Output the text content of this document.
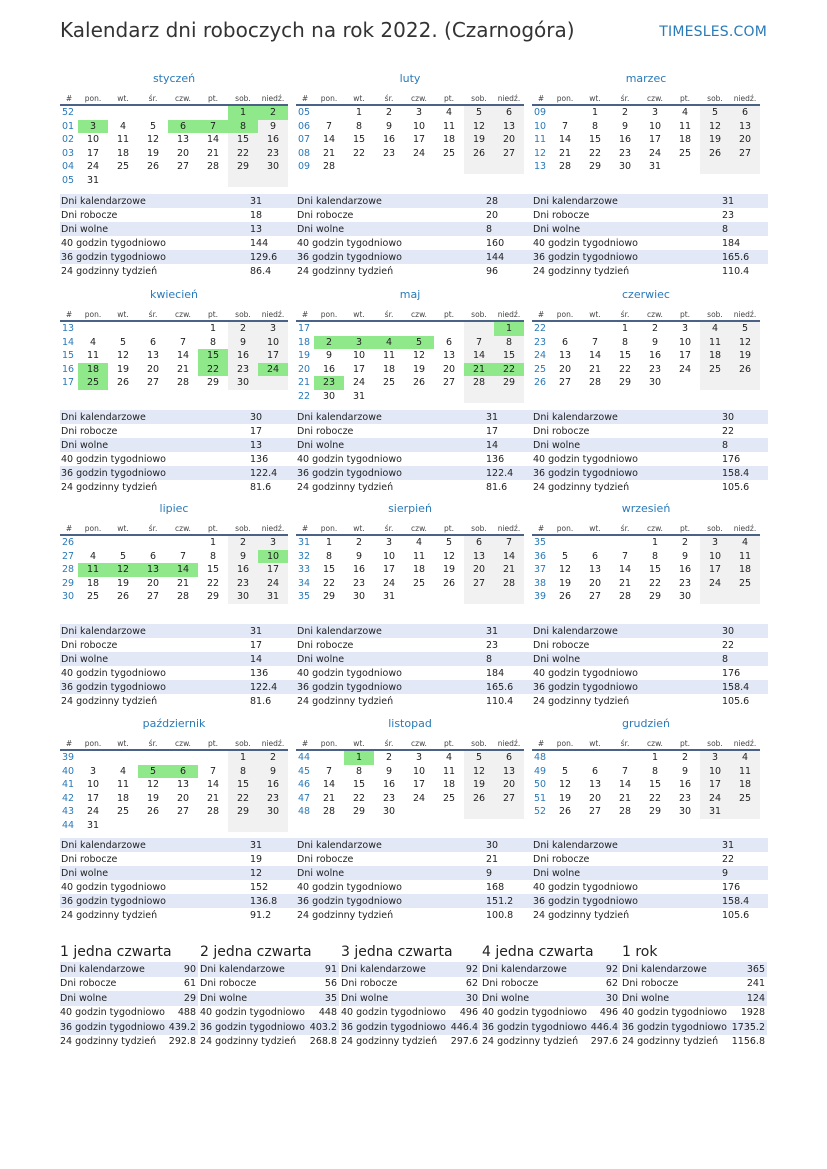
Kalendarz dni roboczych na rok 2022. (Czarnogóra)	TIMESLES.COM
styczeń
#	pon.	wt.	śr.	czw.	pt.	sob.	niedź.
52						1	2
01	3	4	5	6	7	8	9
02	10	11	12	13	14	15	16
03	17	18	19	20	21	22	23
04	24	25	26	27	28	29	30
05	31						
Dni kalendarzowe	31
Dni robocze	18
Dni wolne	13
40 godzin tygodniowo	144
36 godzin tygodniowo	129.6
24 godzinny tydzień	86.4
luty
#	pon.	wt.	śr.	czw.	pt.	sob.	niedź.
05		1	2	3	4	5	6
06	7	8	9	10	11	12	13
07	14	15	16	17	18	19	20
08	21	22	23	24	25	26	27
09	28						
Dni kalendarzowe	28
Dni robocze	20
Dni wolne	8
40 godzin tygodniowo	160
36 godzin tygodniowo	144
24 godzinny tydzień	96
marzec
#	pon.	wt.	śr.	czw.	pt.	sob.	niedź.
09		1	2	3	4	5	6
10	7	8	9	10	11	12	13
11	14	15	16	17	18	19	20
12	21	22	23	24	25	26	27
13	28	29	30	31			
Dni kalendarzowe	31
Dni robocze	23
Dni wolne	8
40 godzin tygodniowo	184
36 godzin tygodniowo	165.6
24 godzinny tydzień	110.4
kwiecień
#	pon.	wt.	śr.	czw.	pt.	sob.	niedź.
13					1	2	3
14	4	5	6	7	8	9	10
15	11	12	13	14	15	16	17
16	18	19	20	21	22	23	24
17	25	26	27	28	29	30	
Dni kalendarzowe	30
Dni robocze	17
Dni wolne	13
40 godzin tygodniowo	136
36 godzin tygodniowo	122.4
24 godzinny tydzień	81.6
maj
#	pon.	wt.	śr.	czw.	pt.	sob.	niedź.
17							1
18	2	3	4	5	6	7	8
19	9	10	11	12	13	14	15
20	16	17	18	19	20	21	22
21	23	24	25	26	27	28	29
22	30	31					
Dni kalendarzowe	31
Dni robocze	17
Dni wolne	14
40 godzin tygodniowo	136
36 godzin tygodniowo	122.4
24 godzinny tydzień	81.6
czerwiec
#	pon.	wt.	śr.	czw.	pt.	sob.	niedź.
22			1	2	3	4	5
23	6	7	8	9	10	11	12
24	13	14	15	16	17	18	19
25	20	21	22	23	24	25	26
26	27	28	29	30			
Dni kalendarzowe	30
Dni robocze	22
Dni wolne	8
40 godzin tygodniowo	176
36 godzin tygodniowo	158.4
24 godzinny tydzień	105.6
lipiec
#	pon.	wt.	śr.	czw.	pt.	sob.	niedź.
26					1	2	3
27	4	5	6	7	8	9	10
28	11	12	13	14	15	16	17
29	18	19	20	21	22	23	24
30	25	26	27	28	29	30	31
Dni kalendarzowe	31
Dni robocze	17
Dni wolne	14
40 godzin tygodniowo	136
36 godzin tygodniowo	122.4
24 godzinny tydzień	81.6
sierpień
#	pon.	wt.	śr.	czw.	pt.	sob.	niedź.
31	1	2	3	4	5	6	7
32	8	9	10	11	12	13	14
33	15	16	17	18	19	20	21
34	22	23	24	25	26	27	28
35	29	30	31				
Dni kalendarzowe	31
Dni robocze	23
Dni wolne	8
40 godzin tygodniowo	184
36 godzin tygodniowo	165.6
24 godzinny tydzień	110.4
wrzesień
#	pon.	wt.	śr.	czw.	pt.	sob.	niedź.
35				1	2	3	4
36	5	6	7	8	9	10	11
37	12	13	14	15	16	17	18
38	19	20	21	22	23	24	25
39	26	27	28	29	30		
Dni kalendarzowe	30
Dni robocze	22
Dni wolne	8
40 godzin tygodniowo	176
36 godzin tygodniowo	158.4
24 godzinny tydzień	105.6
październik
#	pon.	wt.	śr.	czw.	pt.	sob.	niedź.
39						1	2
40	3	4	5	6	7	8	9
41	10	11	12	13	14	15	16
42	17	18	19	20	21	22	23
43	24	25	26	27	28	29	30
44	31						
Dni kalendarzowe	31
Dni robocze	19
Dni wolne	12
40 godzin tygodniowo	152
36 godzin tygodniowo	136.8
24 godzinny tydzień	91.2
listopad
#	pon.	wt.	śr.	czw.	pt.	sob.	niedź.
44		1	2	3	4	5	6
45	7	8	9	10	11	12	13
46	14	15	16	17	18	19	20
47	21	22	23	24	25	26	27
48	28	29	30				
Dni kalendarzowe	30
Dni robocze	21
Dni wolne	9
40 godzin tygodniowo	168
36 godzin tygodniowo	151.2
24 godzinny tydzień	100.8
grudzień
#	pon.	wt.	śr.	czw.	pt.	sob.	niedź.
48				1	2	3	4
49	5	6	7	8	9	10	11
50	12	13	14	15	16	17	18
51	19	20	21	22	23	24	25
52	26	27	28	29	30	31	
Dni kalendarzowe	31
Dni robocze	22
Dni wolne	9
40 godzin tygodniowo	176
36 godzin tygodniowo	158.4
24 godzinny tydzień	105.6
1 jedna czwarta
Dni kalendarzowe	90
Dni robocze	61
Dni wolne	29
40 godzin tygodniowo	488
36 godzin tygodniowo	439.2
24 godzinny tydzień	292.8
2 jedna czwarta
Dni kalendarzowe	91
Dni robocze	56
Dni wolne	35
40 godzin tygodniowo	448
36 godzin tygodniowo	403.2
24 godzinny tydzień	268.8
3 jedna czwarta
Dni kalendarzowe	92
Dni robocze	62
Dni wolne	30
40 godzin tygodniowo	496
36 godzin tygodniowo	446.4
24 godzinny tydzień	297.6
4 jedna czwarta
Dni kalendarzowe	92
Dni robocze	62
Dni wolne	30
40 godzin tygodniowo	496
36 godzin tygodniowo	446.4
24 godzinny tydzień	297.6
1 rok
Dni kalendarzowe	365
Dni robocze	241
Dni wolne	124
40 godzin tygodniowo	1928
36 godzin tygodniowo	1735.2
24 godzinny tydzień	1156.8
